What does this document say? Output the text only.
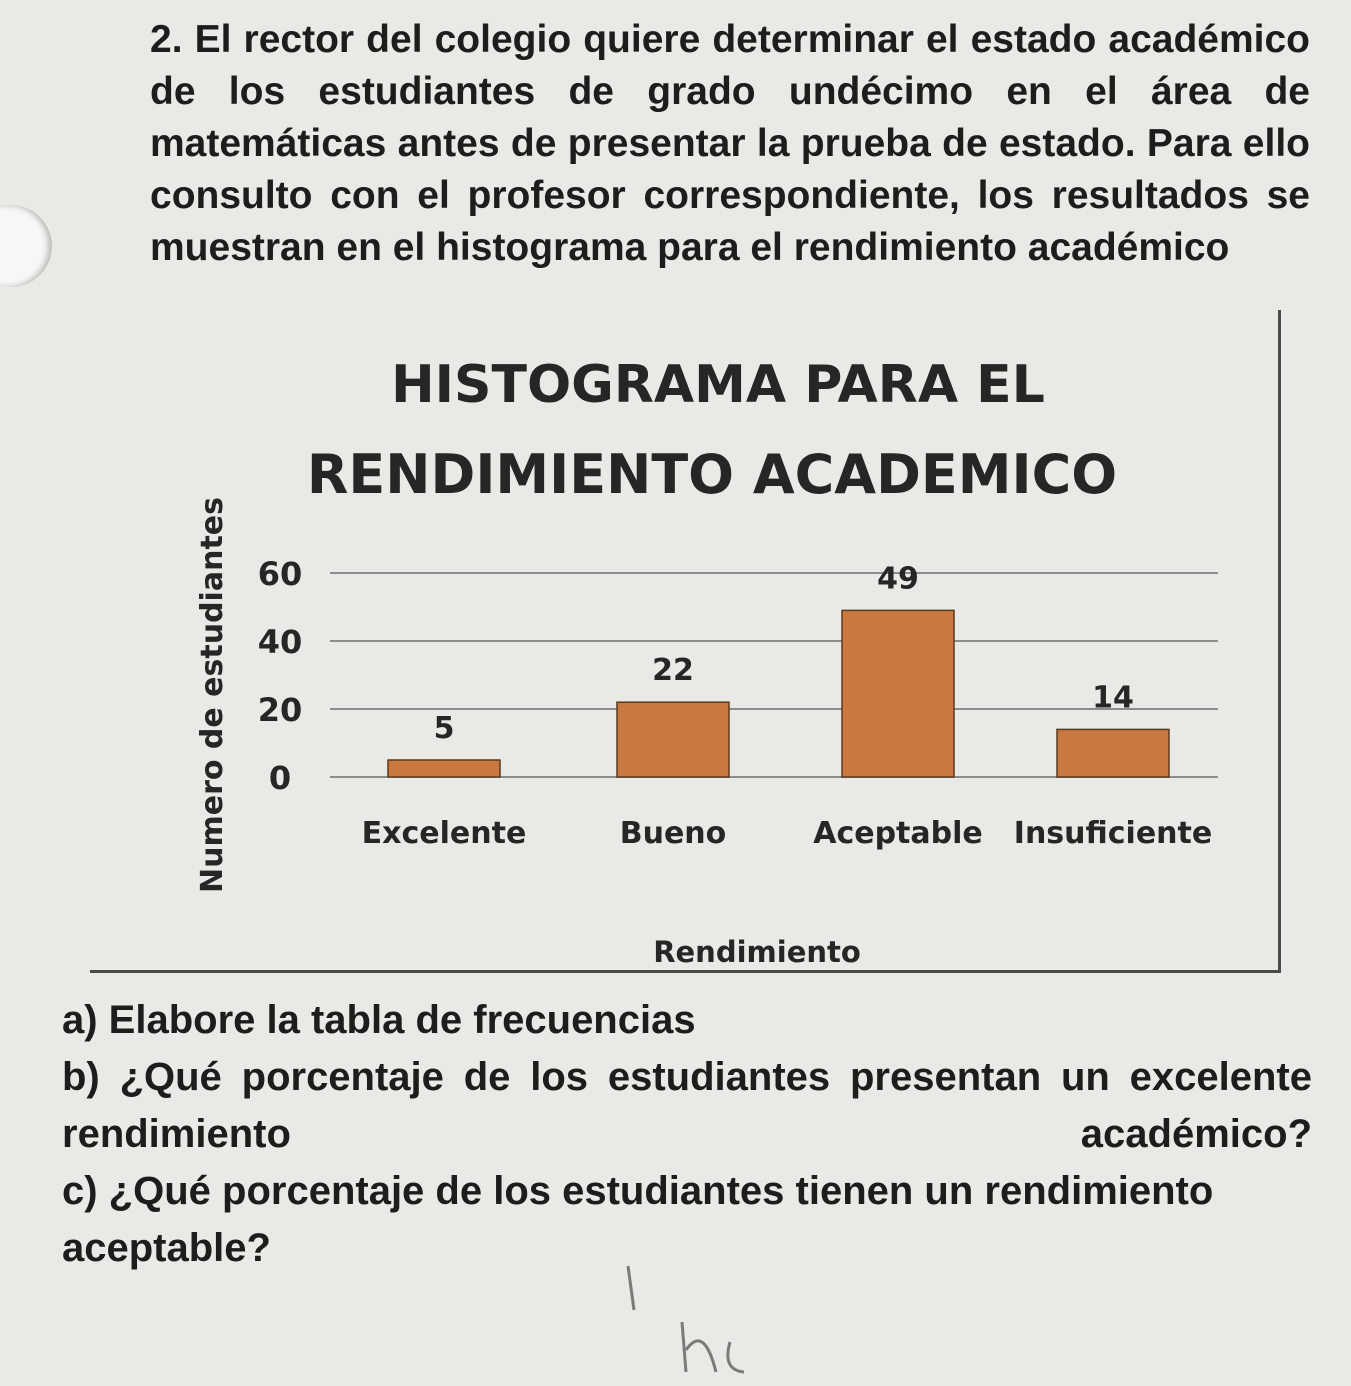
2. El rector del colegio quiere determinar el estado académico de los estudiantes de grado undécimo en el área de matemáticas antes de presentar la prueba de estado. Para ello consulto con el profesor correspondiente, los resultados se muestran en el histograma para el rendimiento académico

HISTOGRAMA PARA EL
RENDIMIENTO ACADEMICO
Numero de estudiantes
Rendimiento
0
20
40
60
5
Excelente
22
Bueno
49
Aceptable
14
Insuficiente

a) Elabore la tabla de frecuencias

b) ¿Qué porcentaje de los estudiantes presentan un excelente rendimiento académico?

c) ¿Qué porcentaje de los estudiantes tienen un rendimiento aceptable?
